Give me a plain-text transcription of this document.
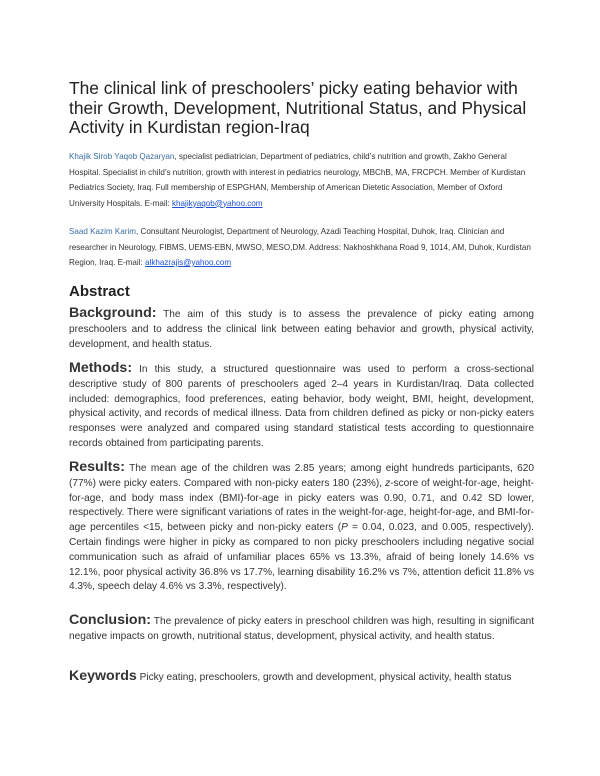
The clinical link of preschoolers’ picky eating behavior with their Growth, Development, Nutritional Status, and Physical Activity in Kurdistan region-Iraq

Khajik Sirob Yaqob Qazaryan, specialist pediatrician, Department of pediatrics, child’s nutrition and growth, Zakho General Hospital. Specialist in child’s nutrition, growth with interest in pediatrics neurology, MBChB, MA, FRCPCH. Member of Kurdistan Pediatrics Society, Iraq. Full membership of ESPGHAN, Membership of American Dietetic Association, Member of Oxford University Hospitals. E-mail: khajikyaqob@yahoo.com

Saad Kazim Karim, Consultant Neurologist, Department of Neurology, Azadi Teaching Hospital, Duhok, Iraq. Clinician and researcher in Neurology, FIBMS, UEMS-EBN, MWSO, MESO,DM. Address: Nakhoshkhana Road 9, 1014, AM, Duhok, Kurdistan Region, Iraq. E-mail: alkhazrajis@yahoo.com

Abstract

Background: The aim of this study is to assess the prevalence of picky eating among preschoolers and to address the clinical link between eating behavior and growth, physical activity, development, and health status.

Methods: In this study, a structured questionnaire was used to perform a cross-sectional descriptive study of 800 parents of preschoolers aged 2–4 years in Kurdistan/Iraq. Data collected included: demographics, food preferences, eating behavior, body weight, BMI, height, development, physical activity, and records of medical illness. Data from children defined as picky or non-picky eaters responses were analyzed and compared using standard statistical tests according to questionnaire records obtained from participating parents.

Results: The mean age of the children was 2.85 years; among eight hundreds participants, 620 (77%) were picky eaters. Compared with non-picky eaters 180 (23%), z-score of weight-for-age, height-for-age, and body mass index (BMI)-for-age in picky eaters was 0.90, 0.71, and 0.42 SD lower, respectively. There were significant variations of rates in the weight-for-age, height-for-age, and BMI-for-age percentiles <15, between picky and non-picky eaters (P = 0.04, 0.023, and 0.005, respectively). Certain findings were higher in picky as compared to non picky preschoolers including negative social communication such as afraid of unfamiliar places 65% vs 13.3%, afraid of being lonely 14.6% vs 12.1%, poor physical activity 36.8% vs 17.7%, learning disability 16.2% vs 7%, attention deficit 11.8% vs 4.3%, speech delay 4.6% vs 3.3%, respectively).

Conclusion: The prevalence of picky eaters in preschool children was high, resulting in significant negative impacts on growth, nutritional status, development, physical activity, and health status.

Keywords Picky eating, preschoolers, growth and development, physical activity, health status
